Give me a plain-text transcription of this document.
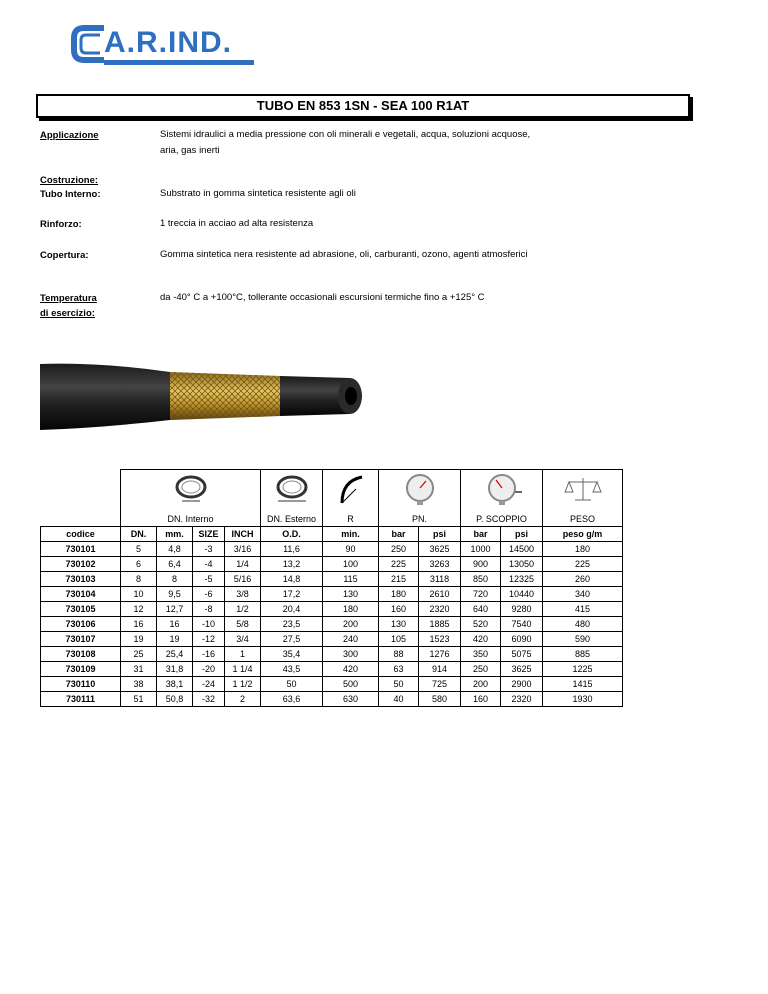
A.R.IND.
TUBO EN 853 1SN - SEA 100 R1AT
Applicazione	Sistemi idraulici a media pressione con oli minerali e vegetali, acqua, soluzioni acquose, aria, gas inerti
Costruzione:
Tubo Interno:	Substrato in gomma sintetica resistente agli oli
Rinforzo:	1 treccia in acciao ad alta resistenza
Copertura:	Gomma sintetica nera resistente ad abrasione, oli, carburanti, ozono, agenti atmosferici
Temperatura
di esercizio:
da -40° C a +100°C, tollerante occasionali escursioni termiche fino a +125° C

	DN. Interno				DN. Esterno	R	PN.		P. SCOPPIO		PESO
codice	DN.	mm.	SIZE	INCH	O.D.	min.	bar	psi	bar	psi	peso g/m
730101	5	4,8	-3	3/16	11,6	90	250	3625	1000	14500	180
730102	6	6,4	-4	1/4	13,2	100	225	3263	900	13050	225
730103	8	8	-5	5/16	14,8	115	215	3118	850	12325	260
730104	10	9,5	-6	3/8	17,2	130	180	2610	720	10440	340
730105	12	12,7	-8	1/2	20,4	180	160	2320	640	9280	415
730106	16	16	-10	5/8	23,5	200	130	1885	520	7540	480
730107	19	19	-12	3/4	27,5	240	105	1523	420	6090	590
730108	25	25,4	-16	1	35,4	300	88	1276	350	5075	885
730109	31	31,8	-20	1 1/4	43,5	420	63	914	250	3625	1225
730110	38	38,1	-24	1 1/2	50	500	50	725	200	2900	1415
730111	51	50,8	-32	2	63,6	630	40	580	160	2320	1930
